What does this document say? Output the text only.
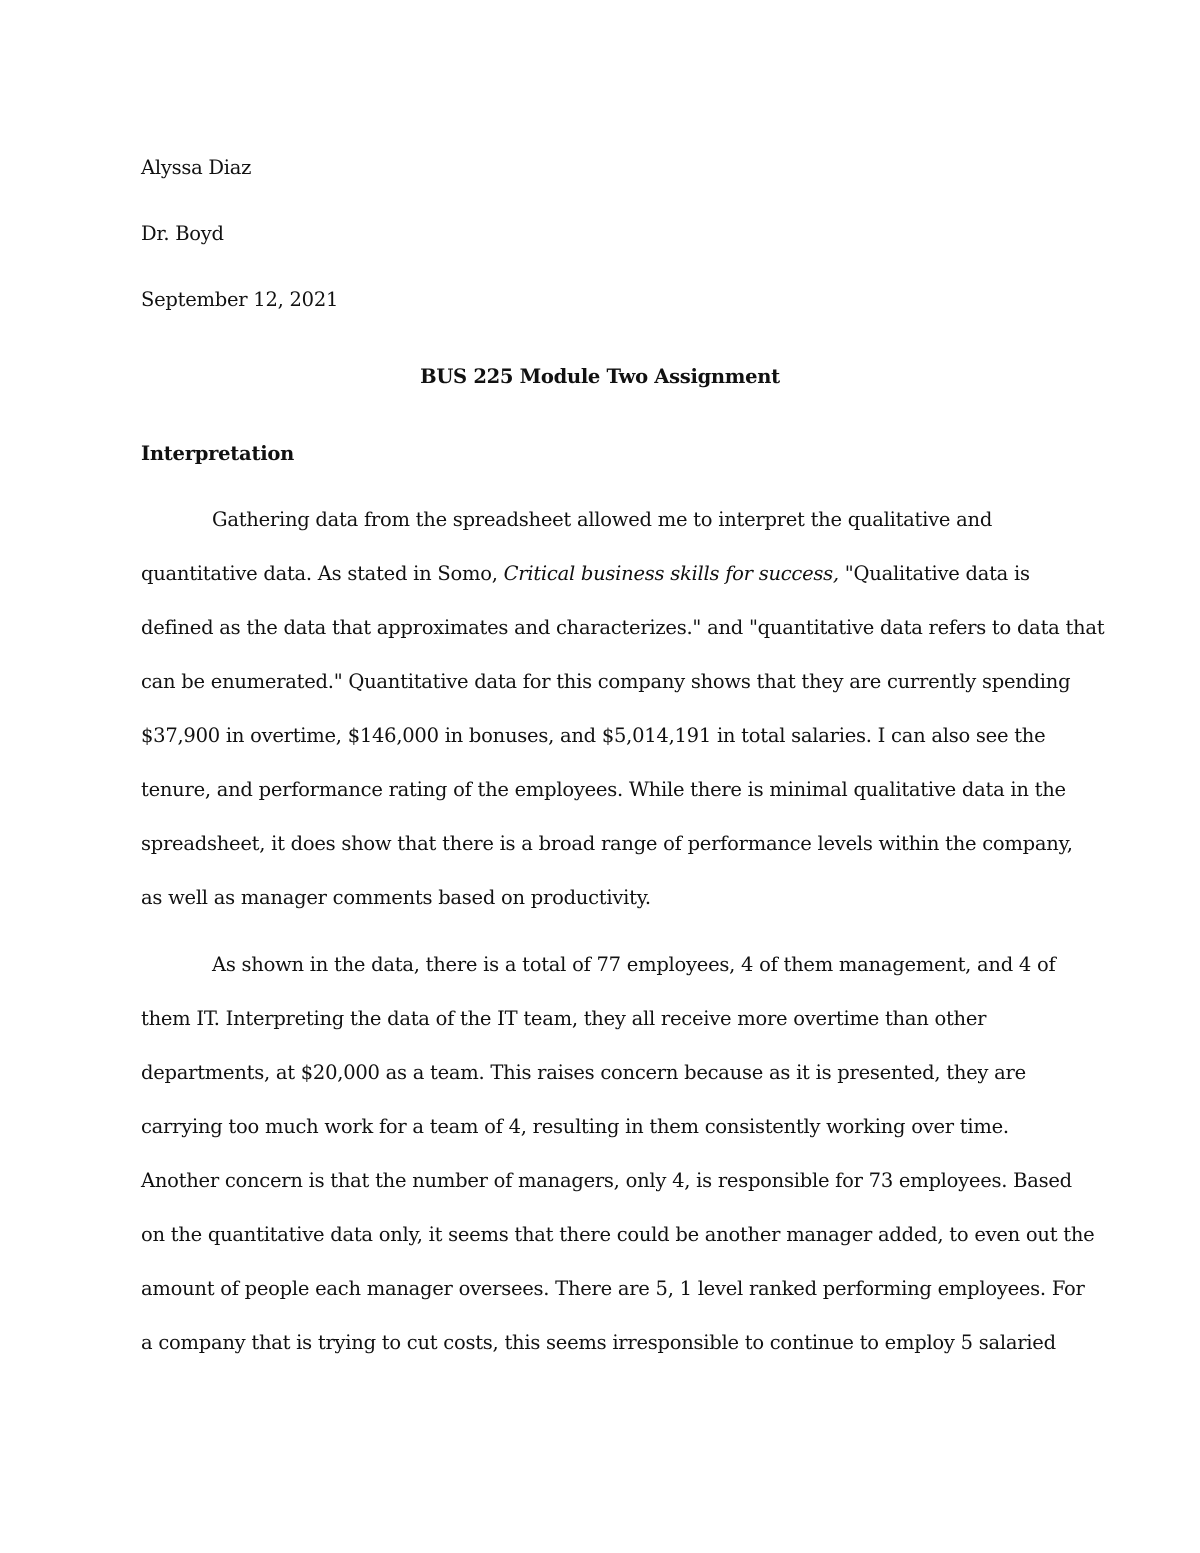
Alyssa Diaz
Dr. Boyd
September 12, 2021
BUS 225 Module Two Assignment
Interpretation
Gathering data from the spreadsheet allowed me to interpret the qualitative and
quantitative data. As stated in Somo, Critical business skills for success, "Qualitative data is
defined as the data that approximates and characterizes." and "quantitative data refers to data that
can be enumerated." Quantitative data for this company shows that they are currently spending
$37,900 in overtime, $146,000 in bonuses, and $5,014,191 in total salaries. I can also see the
tenure, and performance rating of the employees. While there is minimal qualitative data in the
spreadsheet, it does show that there is a broad range of performance levels within the company,
as well as manager comments based on productivity.
As shown in the data, there is a total of 77 employees, 4 of them management, and 4 of
them IT. Interpreting the data of the IT team, they all receive more overtime than other
departments, at $20,000 as a team. This raises concern because as it is presented, they are
carrying too much work for a team of 4, resulting in them consistently working over time.
Another concern is that the number of managers, only 4, is responsible for 73 employees. Based
on the quantitative data only, it seems that there could be another manager added, to even out the
amount of people each manager oversees. There are 5, 1 level ranked performing employees. For
a company that is trying to cut costs, this seems irresponsible to continue to employ 5 salaried
